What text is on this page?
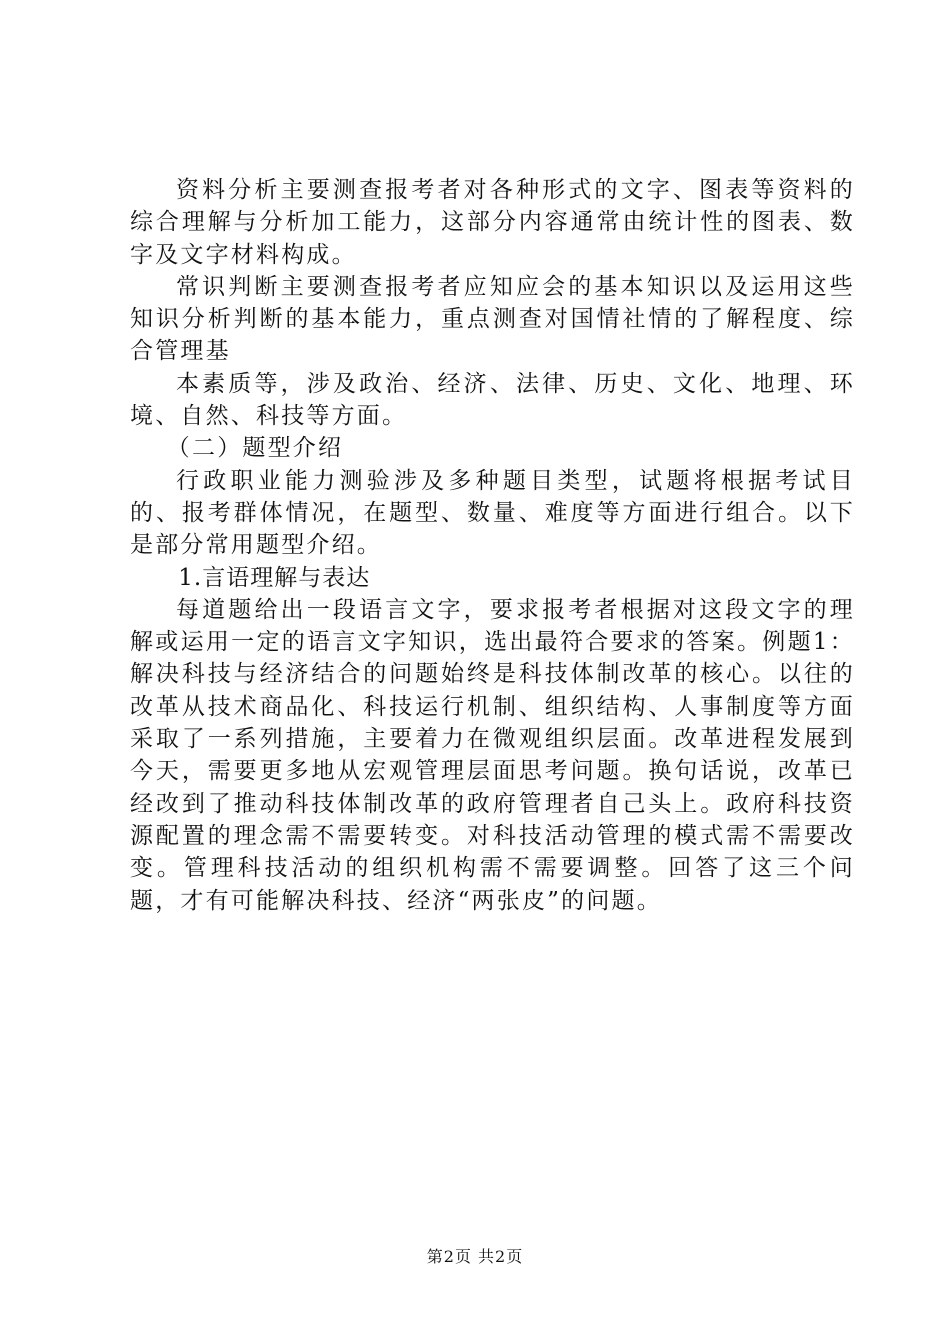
资料分析主要测查报考者对各种形式的文字、图表等资料的综合理解与分析加工能力，这部分内容通常由统计性的图表、数字及文字材料构成。

常识判断主要测查报考者应知应会的基本知识以及运用这些知识分析判断的基本能力，重点测查对国情社情的了解程度、综合管理基

本素质等，涉及政治、经济、法律、历史、文化、地理、环境、自然、科技等方面。

（二）题型介绍

行政职业能力测验涉及多种题目类型，试题将根据考试目的、报考群体情况，在题型、数量、难度等方面进行组合。以下是部分常用题型介绍。

1.言语理解与表达

每道题给出一段语言文字，要求报考者根据对这段文字的理解或运用一定的语言文字知识，选出最符合要求的答案。例题1：解决科技与经济结合的问题始终是科技体制改革的核心。以往的改革从技术商品化、科技运行机制、组织结构、人事制度等方面采取了一系列措施，主要着力在微观组织层面。改革进程发展到今天，需要更多地从宏观管理层面思考问题。换句话说，改革已经改到了推动科技体制改革的政府管理者自己头上。政府科技资源配置的理念需不需要转变。对科技活动管理的模式需不需要改变。管理科技活动的组织机构需不需要调整。回答了这三个问题，才有可能解决科技、经济“两张皮”的问题。

第2页 共2页
